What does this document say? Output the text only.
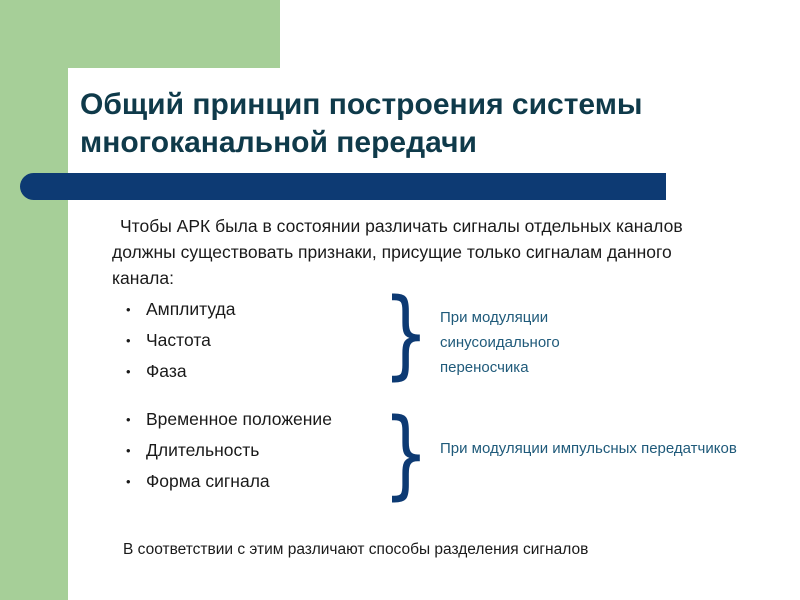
Общий принцип построения системы
многоканальной передачи

Чтобы АРК была в состоянии различать сигналы отдельных каналов должны существовать признаки, присущие только сигналам данного канала:

• Амплитуда
• Частота
• Фаза	} При модуляции синусоидального переносчика

• Временное положение
• Длительность
• Форма сигнала	} При модуляции импульсных передатчиков

В соответствии с этим различают способы разделения сигналов
